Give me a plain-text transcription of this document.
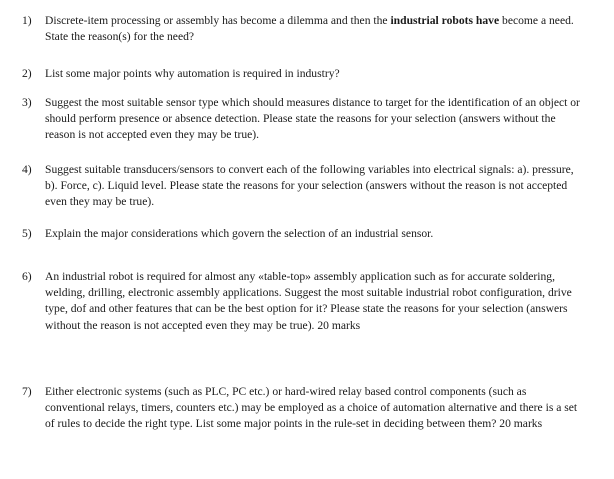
1)	Discrete-item processing or assembly has become a dilemma and then the industrial robots have become a need. State the reason(s) for the need?
2)	List some major points why automation is required in industry?
3)	Suggest the most suitable sensor type which should measures distance to target for the identification of an object or should perform presence or absence detection. Please state the reasons for your selection (answers without the reason is not accepted even they may be true).
4)	Suggest suitable transducers/sensors to convert each of the following variables into electrical signals: a). pressure, b). Force, c). Liquid level. Please state the reasons for your selection (answers without the reason is not accepted even they may be true).
5)	Explain the major considerations which govern the selection of an industrial sensor.
6)	An industrial robot is required for almost any «table-top» assembly application such as for accurate soldering, welding, drilling, electronic assembly applications. Suggest the most suitable industrial robot configuration, drive type, dof and other features that can be the best option for it? Please state the reasons for your selection (answers without the reason is not accepted even they may be true). 20 marks
7)	Either electronic systems (such as PLC, PC etc.) or hard-wired relay based control components (such as conventional relays, timers, counters etc.) may be employed as a choice of automation alternative and there is a set of rules to decide the right type. List some major points in the rule-set in deciding between them? 20 marks
